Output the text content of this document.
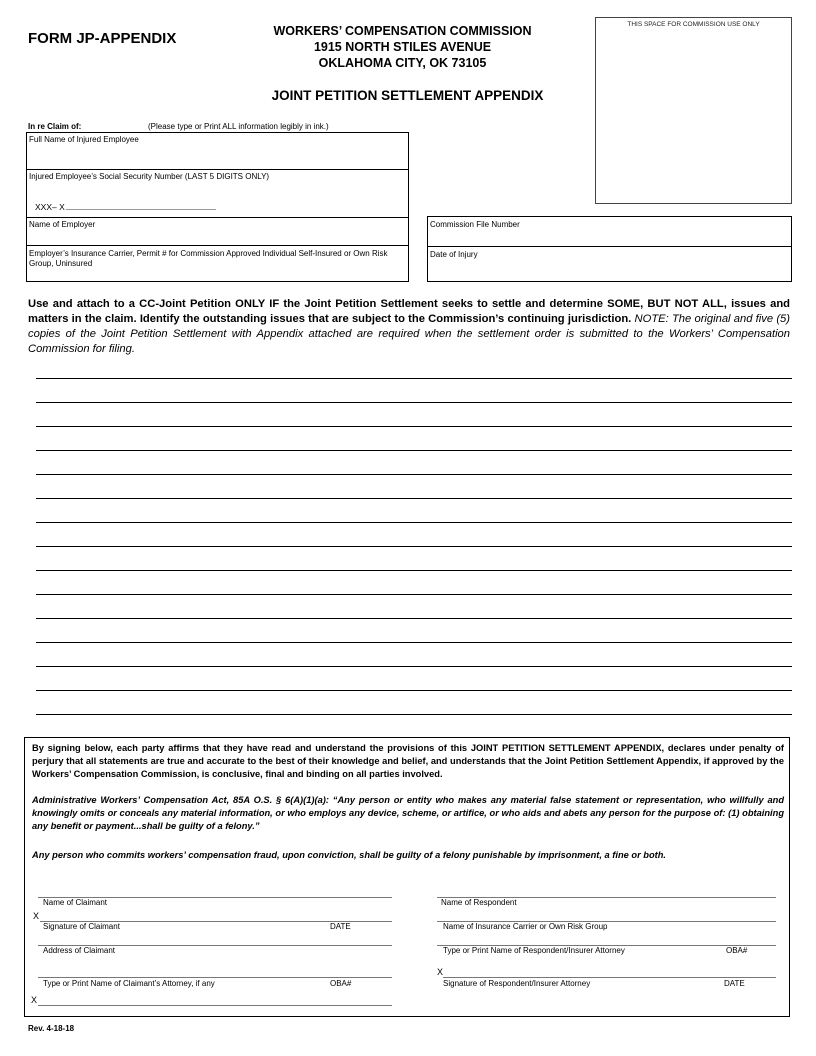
FORM JP-APPENDIX	WORKERS’ COMPENSATION COMMISSION
1915 NORTH STILES AVENUE
OKLAHOMA CITY, OK 73105
JOINT PETITION SETTLEMENT APPENDIX
THIS SPACE FOR COMMISSION USE ONLY
In re Claim of:	(Please type or Print ALL information legibly in ink.)
Full Name of Injured Employee
Injured Employee’s Social Security Number (LAST 5 DIGITS ONLY)
XXX– X
Name of Employer
Employer’s Insurance Carrier, Permit # for Commission Approved Individual Self-Insured or Own Risk Group, Uninsured
Commission File Number
Date of Injury
Use and attach to a CC-Joint Petition ONLY IF the Joint Petition Settlement seeks to settle and determine SOME, BUT NOT ALL, issues and matters in the claim. Identify the outstanding issues that are subject to the Commission’s continuing jurisdiction. NOTE: The original and five (5) copies of the Joint Petition Settlement with Appendix attached are required when the settlement order is submitted to the Workers’ Compensation Commission for filing.
By signing below, each party affirms that they have read and understand the provisions of this JOINT PETITION SETTLEMENT APPENDIX, declares under penalty of perjury that all statements are true and accurate to the best of their knowledge and belief, and understands that the Joint Petition Settlement Appendix, if approved by the Workers’ Compensation Commission, is conclusive, final and binding on all parties involved.
Administrative Workers’ Compensation Act, 85A O.S. § 6(A)(1)(a): “Any person or entity who makes any material false statement or representation, who willfully and knowingly omits or conceals any material information, or who employs any device, scheme, or artifice, or who aids and abets any person for the purpose of: (1) obtaining any benefit or payment...shall be guilty of a felony.”
Any person who commits workers’ compensation fraud, upon conviction, shall be guilty of a felony punishable by imprisonment, a fine or both.
Name of Claimant
X
Signature of Claimant	DATE
Address of Claimant
Type or Print Name of Claimant’s Attorney, if any	OBA#
X
Name of Respondent
Name of Insurance Carrier or Own Risk Group
Type or Print Name of Respondent/Insurer Attorney	OBA#
X
Signature of Respondent/Insurer Attorney	DATE
Rev. 4-18-18
